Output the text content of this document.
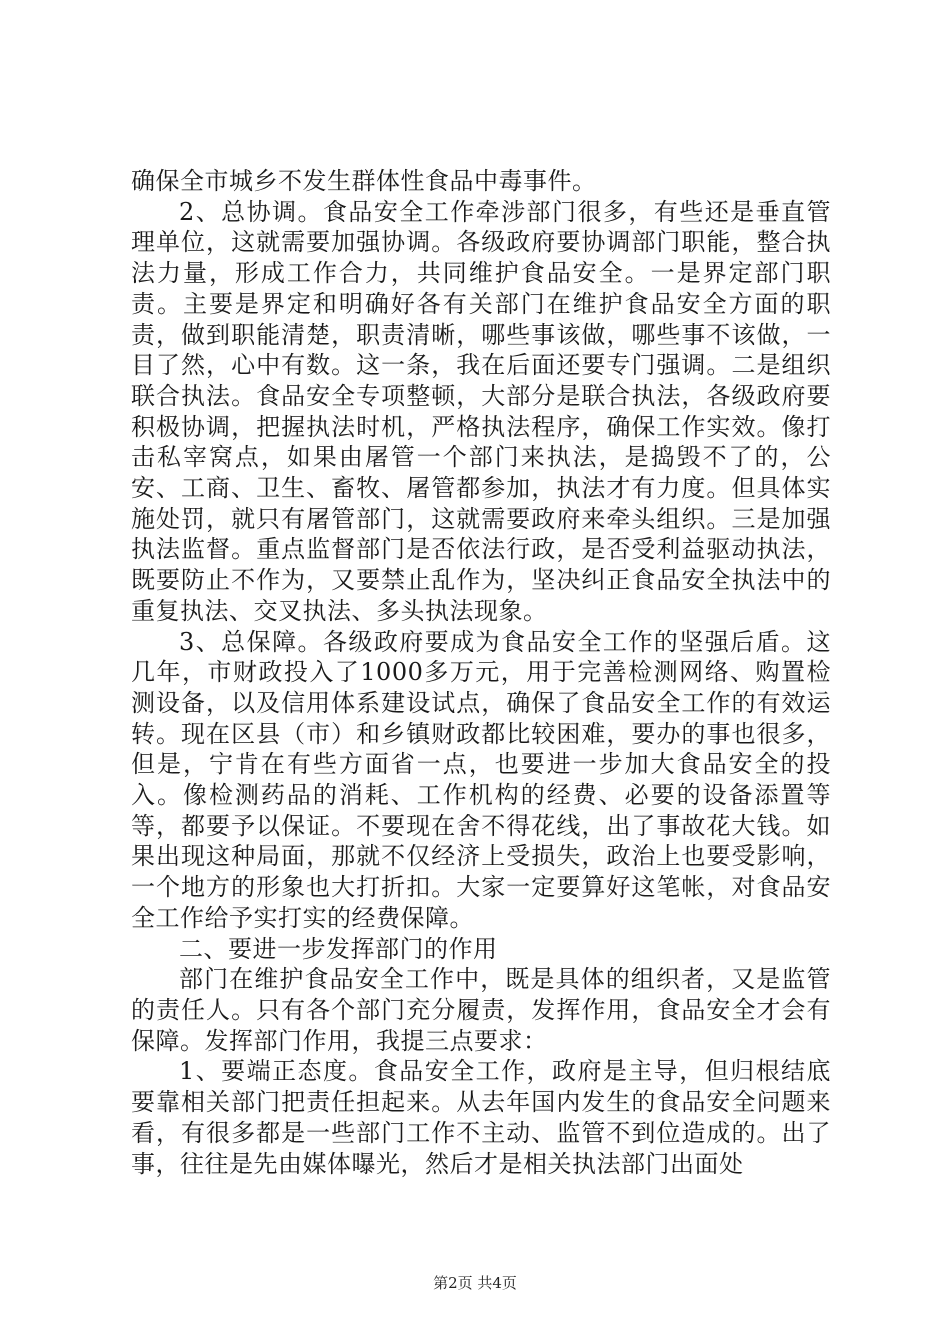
确保全市城乡不发生群体性食品中毒事件。

2、总协调。食品安全工作牵涉部门很多，有些还是垂直管理单位，这就需要加强协调。各级政府要协调部门职能，整合执法力量，形成工作合力，共同维护食品安全。一是界定部门职责。主要是界定和明确好各有关部门在维护食品安全方面的职责，做到职能清楚，职责清晰，哪些事该做，哪些事不该做，一目了然，心中有数。这一条，我在后面还要专门强调。二是组织联合执法。食品安全专项整顿，大部分是联合执法，各级政府要积极协调，把握执法时机，严格执法程序，确保工作实效。像打击私宰窝点，如果由屠管一个部门来执法，是捣毁不了的，公安、工商、卫生、畜牧、屠管都参加，执法才有力度。但具体实施处罚，就只有屠管部门，这就需要政府来牵头组织。三是加强执法监督。重点监督部门是否依法行政，是否受利益驱动执法，既要防止不作为，又要禁止乱作为，坚决纠正食品安全执法中的重复执法、交叉执法、多头执法现象。

3、总保障。各级政府要成为食品安全工作的坚强后盾。这几年，市财政投入了1000多万元，用于完善检测网络、购置检测设备，以及信用体系建设试点，确保了食品安全工作的有效运转。现在区县（市）和乡镇财政都比较困难，要办的事也很多，但是，宁肯在有些方面省一点，也要进一步加大食品安全的投入。像检测药品的消耗、工作机构的经费、必要的设备添置等等，都要予以保证。不要现在舍不得花线，出了事故花大钱。如果出现这种局面，那就不仅经济上受损失，政治上也要受影响，一个地方的形象也大打折扣。大家一定要算好这笔帐，对食品安全工作给予实打实的经费保障。

二、要进一步发挥部门的作用

部门在维护食品安全工作中，既是具体的组织者，又是监管的责任人。只有各个部门充分履责，发挥作用，食品安全才会有保障。发挥部门作用，我提三点要求：

1、要端正态度。食品安全工作，政府是主导，但归根结底要靠相关部门把责任担起来。从去年国内发生的食品安全问题来看，有很多都是一些部门工作不主动、监管不到位造成的。出了事，往往是先由媒体曝光，然后才是相关执法部门出面处

第2页 共4页
